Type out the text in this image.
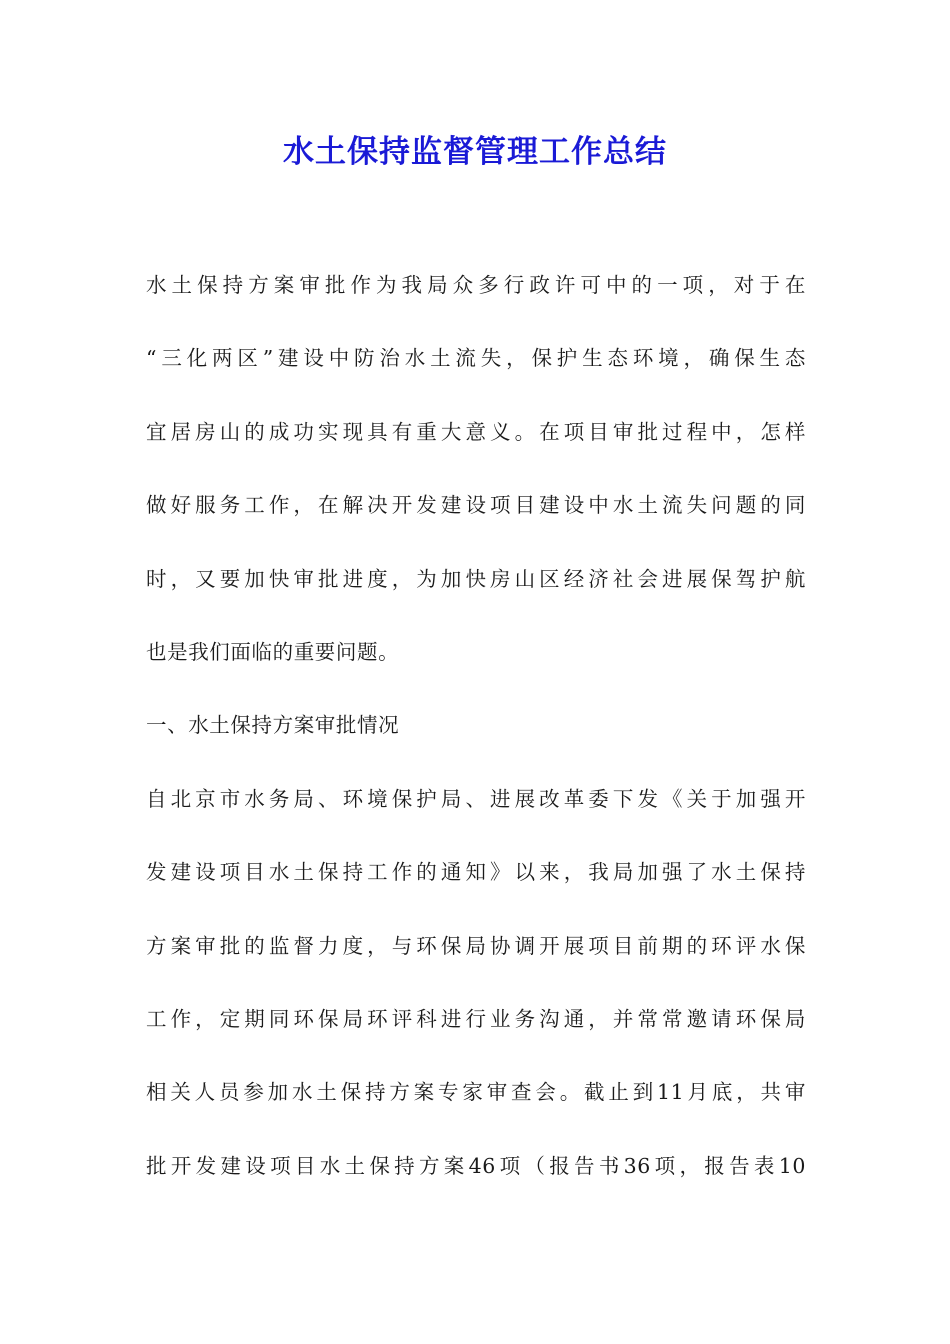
水土保持监督管理工作总结
水土保持方案审批作为我局众多行政许可中的一项，对于在
“三化两区”建设中防治水土流失，保护生态环境，确保生态
宜居房山的成功实现具有重大意义。在项目审批过程中，怎样
做好服务工作，在解决开发建设项目建设中水土流失问题的同
时，又要加快审批进度，为加快房山区经济社会进展保驾护航
也是我们面临的重要问题。
一、水土保持方案审批情况
自北京市水务局、环境保护局、进展改革委下发《关于加强开
发建设项目水土保持工作的通知》以来，我局加强了水土保持
方案审批的监督力度，与环保局协调开展项目前期的环评水保
工作，定期同环保局环评科进行业务沟通，并常常邀请环保局
相关人员参加水土保持方案专家审查会。截止到11月底，共审
批开发建设项目水土保持方案46项（报告书36项，报告表10
